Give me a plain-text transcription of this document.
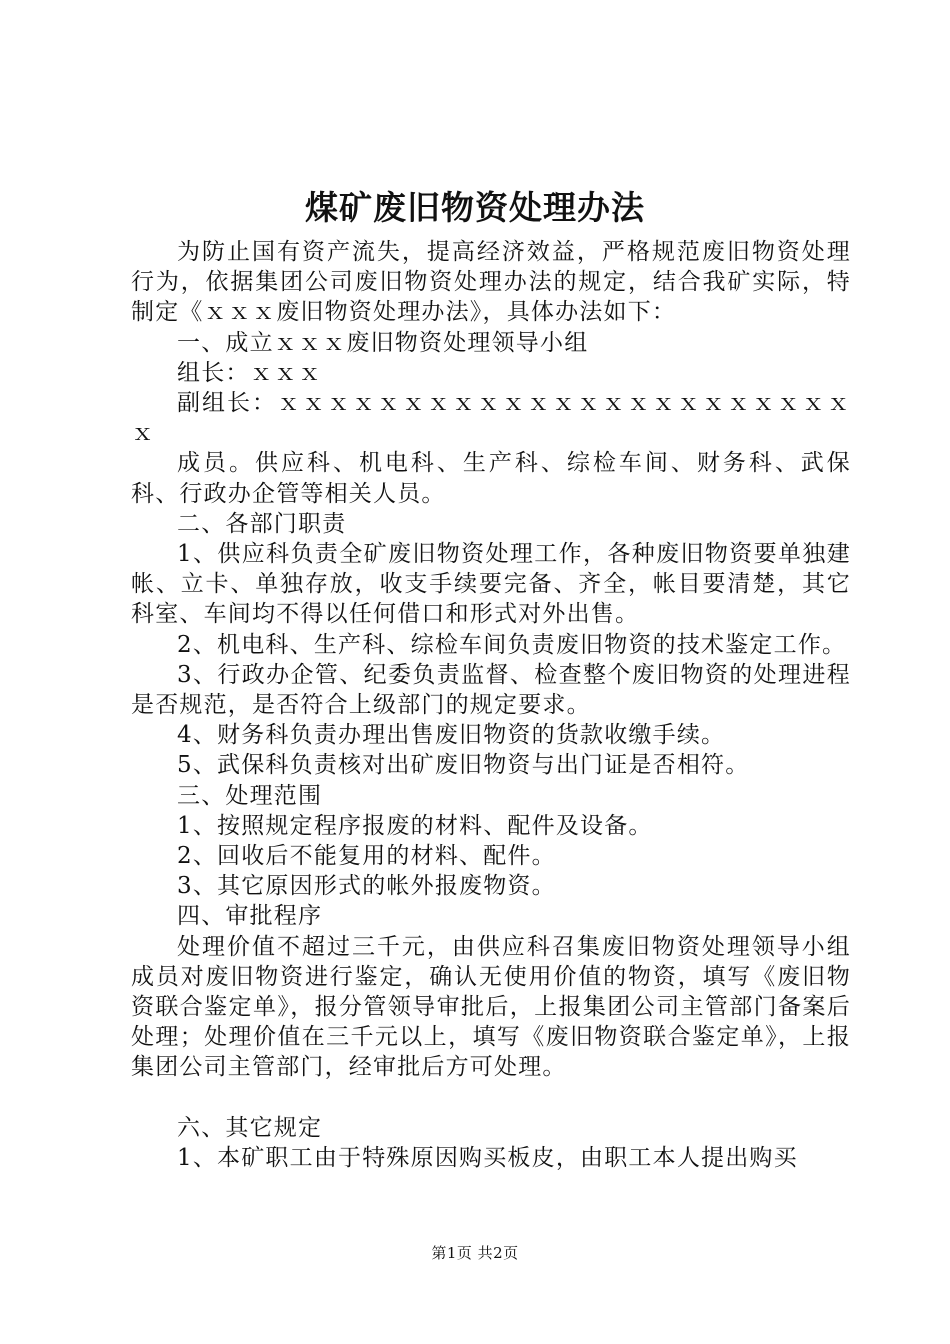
煤矿废旧物资处理办法

为防止国有资产流失，提高经济效益，严格规范废旧物资处理行为，依据集团公司废旧物资处理办法的规定，结合我矿实际，特制定《ｘｘｘ废旧物资处理办法》，具体办法如下：

一、成立ｘｘｘ废旧物资处理领导小组

组长：ｘｘｘ

副组长：ｘｘｘｘｘｘｘｘｘｘｘｘｘｘｘｘｘｘｘｘｘｘｘｘ

成员。供应科、机电科、生产科、综检车间、财务科、武保科、行政办企管等相关人员。

二、各部门职责

1、供应科负责全矿废旧物资处理工作，各种废旧物资要单独建帐、立卡、单独存放，收支手续要完备、齐全，帐目要清楚，其它科室、车间均不得以任何借口和形式对外出售。

2、机电科、生产科、综检车间负责废旧物资的技术鉴定工作。

3、行政办企管、纪委负责监督、检查整个废旧物资的处理进程是否规范，是否符合上级部门的规定要求。

4、财务科负责办理出售废旧物资的货款收缴手续。

5、武保科负责核对出矿废旧物资与出门证是否相符。

三、处理范围

1、按照规定程序报废的材料、配件及设备。

2、回收后不能复用的材料、配件。

3、其它原因形式的帐外报废物资。

四、审批程序

处理价值不超过三千元，由供应科召集废旧物资处理领导小组成员对废旧物资进行鉴定，确认无使用价值的物资，填写《废旧物资联合鉴定单》，报分管领导审批后，上报集团公司主管部门备案后处理；处理价值在三千元以上，填写《废旧物资联合鉴定单》，上报集团公司主管部门，经审批后方可处理。

六、其它规定

1、本矿职工由于特殊原因购买板皮，由职工本人提出购买

第1页 共2页
